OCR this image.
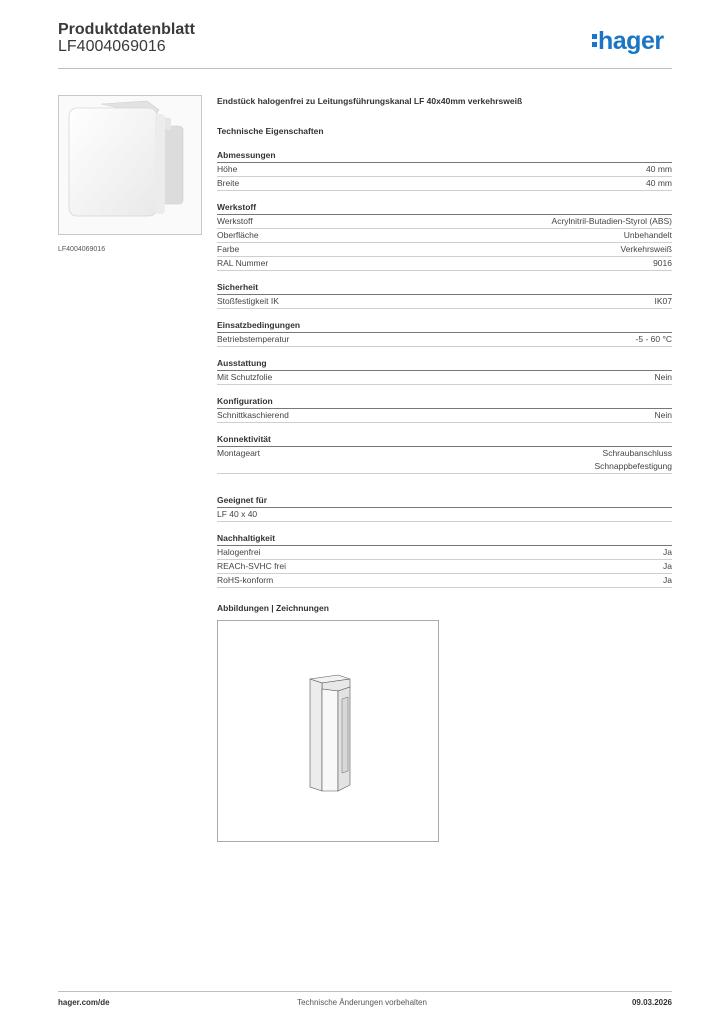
Produktdatenblatt
LF4004069016	hager
LF4004069016
Endstück halogenfrei zu Leitungsführungskanal LF 40x40mm verkehrsweiß
Technische Eigenschaften
Abmessungen
Höhe	40 mm
Breite	40 mm
Werkstoff
Werkstoff	Acrylnitril-Butadien-Styrol (ABS)
Oberfläche	Unbehandelt
Farbe	Verkehrsweiß
RAL Nummer	9016
Sicherheit
Stoßfestigkeit IK	IK07
Einsatzbedingungen
Betriebstemperatur	-5 - 60 °C
Ausstattung
Mit Schutzfolie	Nein
Konfiguration
Schnittkaschierend	Nein
Konnektivität
Montageart	Schraubanschluss
Schnappbefestigung
Geeignet für
LF 40 x 40
Nachhaltigkeit
Halogenfrei	Ja
REACh-SVHC frei	Ja
RoHS-konform	Ja
Abbildungen | Zeichnungen
hager.com/de	Technische Änderungen vorbehalten	09.03.2026
